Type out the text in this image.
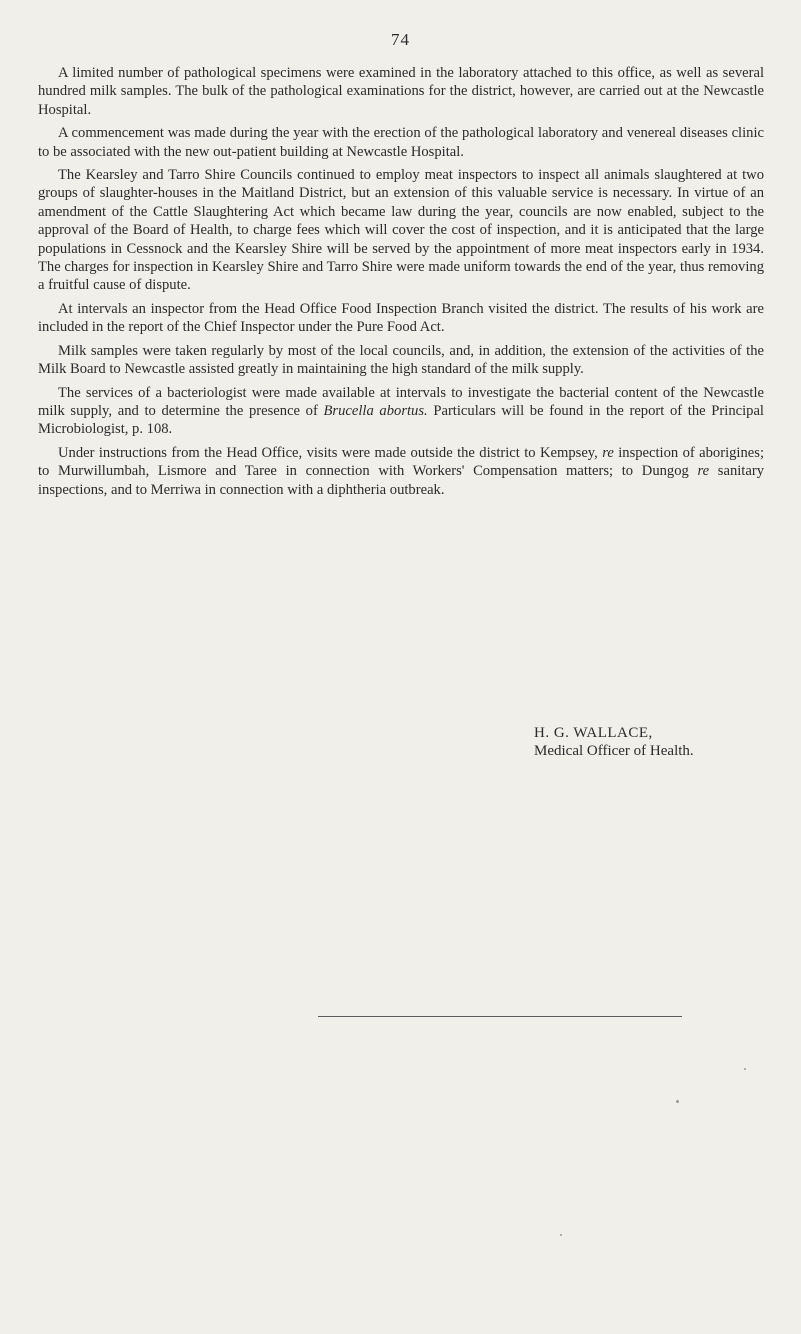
74

A limited number of pathological specimens were examined in the laboratory attached to this office, as well as several hundred milk samples. The bulk of the pathological examinations for the district, however, are carried out at the Newcastle Hospital.

A commencement was made during the year with the erection of the pathological laboratory and venereal diseases clinic to be associated with the new out-patient building at Newcastle Hospital.

The Kearsley and Tarro Shire Councils continued to employ meat inspectors to inspect all animals slaughtered at two groups of slaughter-houses in the Maitland District, but an extension of this valuable service is necessary. In virtue of an amendment of the Cattle Slaughtering Act which became law during the year, councils are now enabled, subject to the approval of the Board of Health, to charge fees which will cover the cost of inspection, and it is anticipated that the large populations in Cessnock and the Kearsley Shire will be served by the appointment of more meat inspectors early in 1934. The charges for inspection in Kearsley Shire and Tarro Shire were made uniform towards the end of the year, thus removing a fruitful cause of dispute.

At intervals an inspector from the Head Office Food Inspection Branch visited the district. The results of his work are included in the report of the Chief Inspector under the Pure Food Act.

Milk samples were taken regularly by most of the local councils, and, in addition, the extension of the activities of the Milk Board to Newcastle assisted greatly in maintaining the high standard of the milk supply.

The services of a bacteriologist were made available at intervals to investigate the bacterial content of the Newcastle milk supply, and to determine the presence of Brucella abortus. Particulars will be found in the report of the Principal Microbiologist, p. 108.

Under instructions from the Head Office, visits were made outside the district to Kempsey, re inspection of aborigines; to Murwillumbah, Lismore and Taree in connection with Workers' Compensation matters; to Dungog re sanitary inspections, and to Merriwa in connection with a diphtheria outbreak.

H. G. WALLACE,
Medical Officer of Health.
